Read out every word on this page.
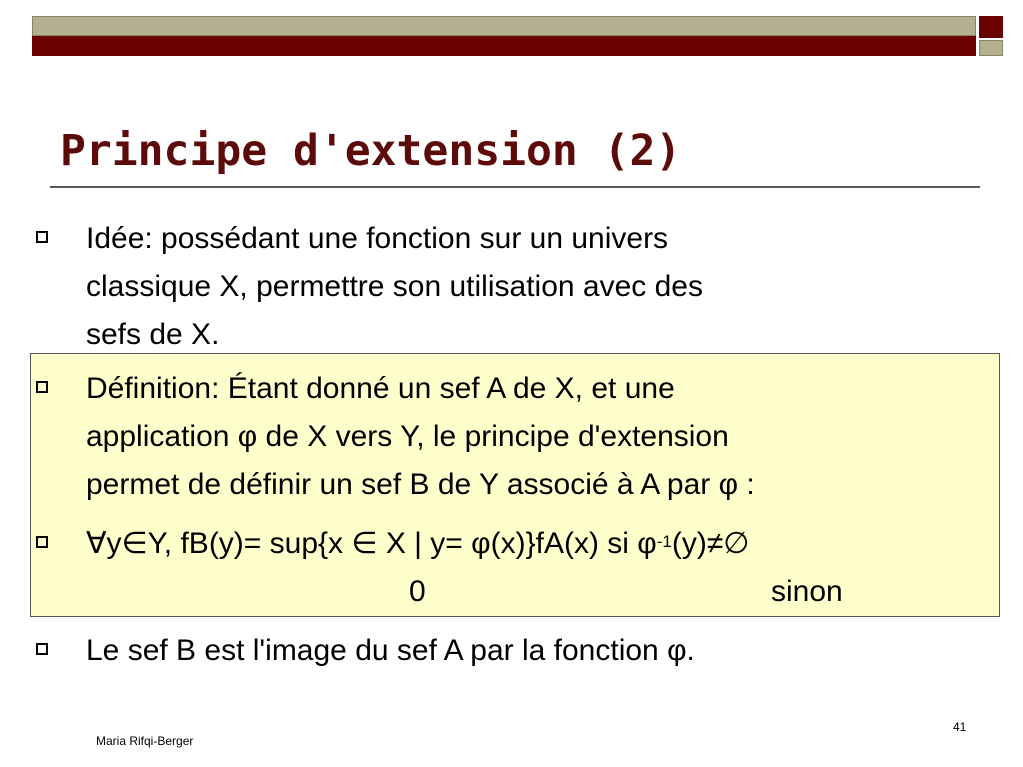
Principe d'extension (2)
Idée: possédant une fonction sur un univers
classique X, permettre son utilisation avec des
sefs de X.
Définition: Étant donné un sef A de X, et une
application φ de X vers Y, le principe d'extension
permet de définir un sef B de Y associé à A par φ :
∀y∈Y, fB(y)= sup{x ∈ X | y= φ(x)}fA(x) si $\varphi^{-1}(y)\ne\emptyset$
0	sinon
Le sef B est l'image du sef A par la fonction φ.
Maria Rifqi-Berger
41
